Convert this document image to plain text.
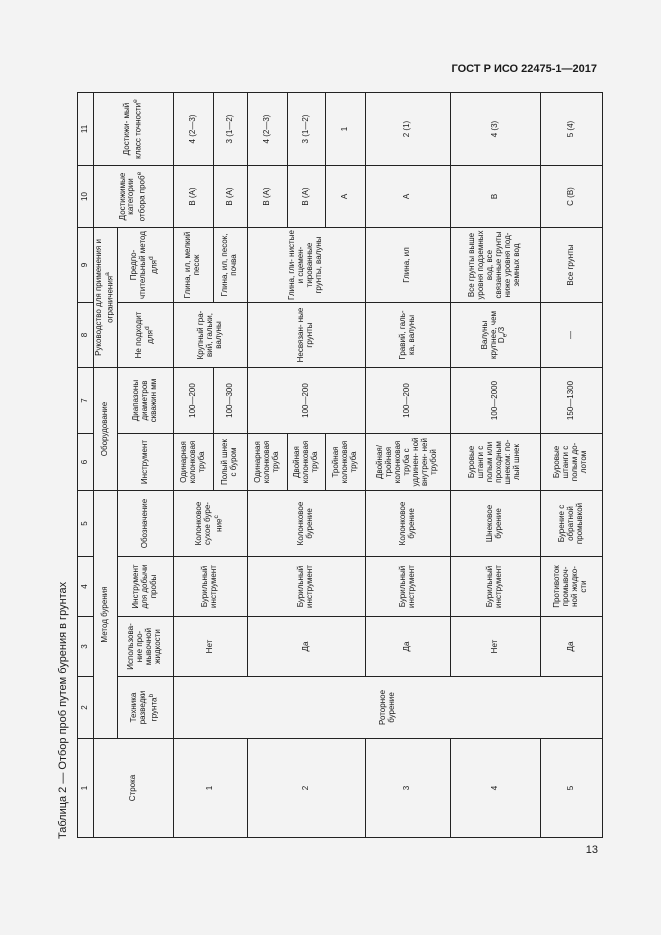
ГОСТ Р ИСО 22475-1—2017
Таблица 2 — Отбор проб путем бурения в грунтах 1	2	3	4	5	6	7	8	9	10	11	
Строка	Метод бурения				Оборудование		Руководство для применения и ограничения$^a$		Достижимые категории отбора проб$^e$	Достижи- мый класс точности$^e$	
	Техника разведки грунта$^b$	Использова- ние про- мывочной жидкости	Инструмент для добычи пробы	Обозначение	Инструмент	Диапазоны диаметров скважин мм	Не подходит для$^d$	Предпо- чтительный метод для$^d$
1	Роторное бурение	Нет	Бурильный инструмент	Колонковое сухое буре- ние$^c$	Одинарная колонковая труба	100—200	Крупный гра- вий, гальки, валуны	Глина, ил, мелкий песок	B (A)	4 (2—3)	
					Полый шнек с буром	100—300		Глина, ил, песок, почва	B (A)	3 (1—2)	
2		Да	Бурильный инструмент	Колонковое бурение	Одинарная колонковая труба	100—200	Несвязан- ные грунты	Глина, гли- нистые и сцемен- тированные грунты, валуны	B (A)	4 (2—3)	
					Двойная колонковая труба				B (A)	3 (1—2)	
					Тройная колонковая труба				A	1	
3		Да	Бурильный инструмент	Колонковое бурение	Двойная/ тройная колонковая труба с удлинен- ной внутрен- ней трубой	100—200	Гравий, галь- ка, валуны	Глина, ил	A	2 (1)	
4		Нет	Бурильный инструмент	Шнековое бурение	Буровые штанги с полым или проходным шнеком: по- лый шнек	100—2000	Валуны крупнее, чем $D_e/3$	Все грунты выше уровня подземных вод, все связанные грунты ниже уровня под- земных вод	B	4 (3)	
5		Да	Противоток промывоч- ной жидко- сти	Бурение с обратной промывкой	Буровые штанги с полым до- лотом	150—1300	—	Все грунты	C (B)	5 (4)	
13
